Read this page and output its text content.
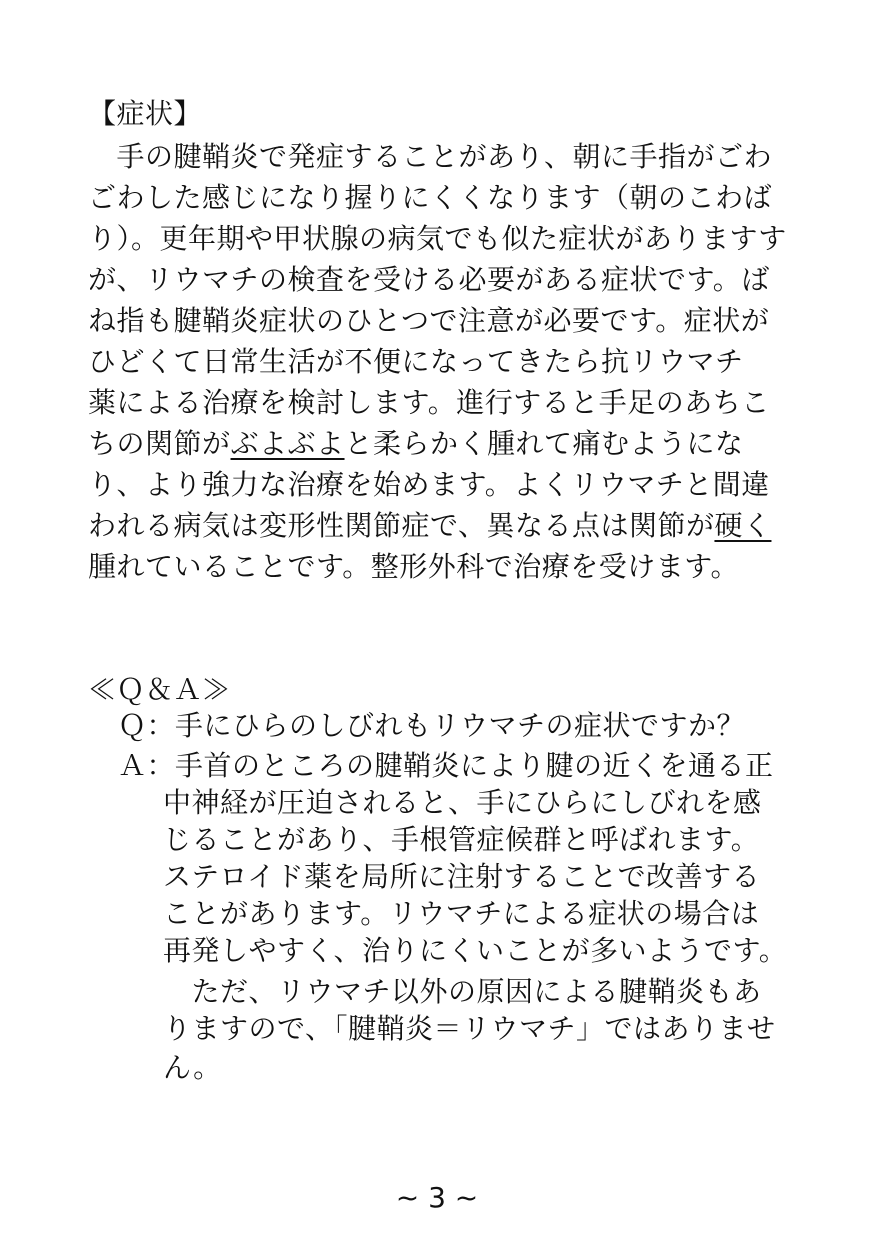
【症状】
　手の腱鞘炎で発症することがあり、朝に手指がごわ
ごわした感じになり握りにくくなります（朝のこわば
り）。更年期や甲状腺の病気でも似た症状がありますす
が、リウマチの検査を受ける必要がある症状です。ば
ね指も腱鞘炎症状のひとつで注意が必要です。症状が
ひどくて日常生活が不便になってきたら抗リウマチ
薬による治療を検討します。進行すると手足のあちこ
ちの関節がぶよぶよと柔らかく腫れて痛むようにな
り、より強力な治療を始めます。よくリウマチと間違
われる病気は変形性関節症で、異なる点は関節が硬く
腫れていることです。整形外科で治療を受けます。
≪Ｑ＆Ａ≫
Ｑ：手にひらのしびれもリウマチの症状ですか？
Ａ：手首のところの腱鞘炎により腱の近くを通る正
中神経が圧迫されると、手にひらにしびれを感
じることがあり、手根管症候群と呼ばれます。
ステロイド薬を局所に注射することで改善する
ことがあります。リウマチによる症状の場合は
再発しやすく、治りにくいことが多いようです。
　ただ、リウマチ以外の原因による腱鞘炎もあ
りますので、「腱鞘炎＝リウマチ」ではありませ
ん。
~ 3 ~
